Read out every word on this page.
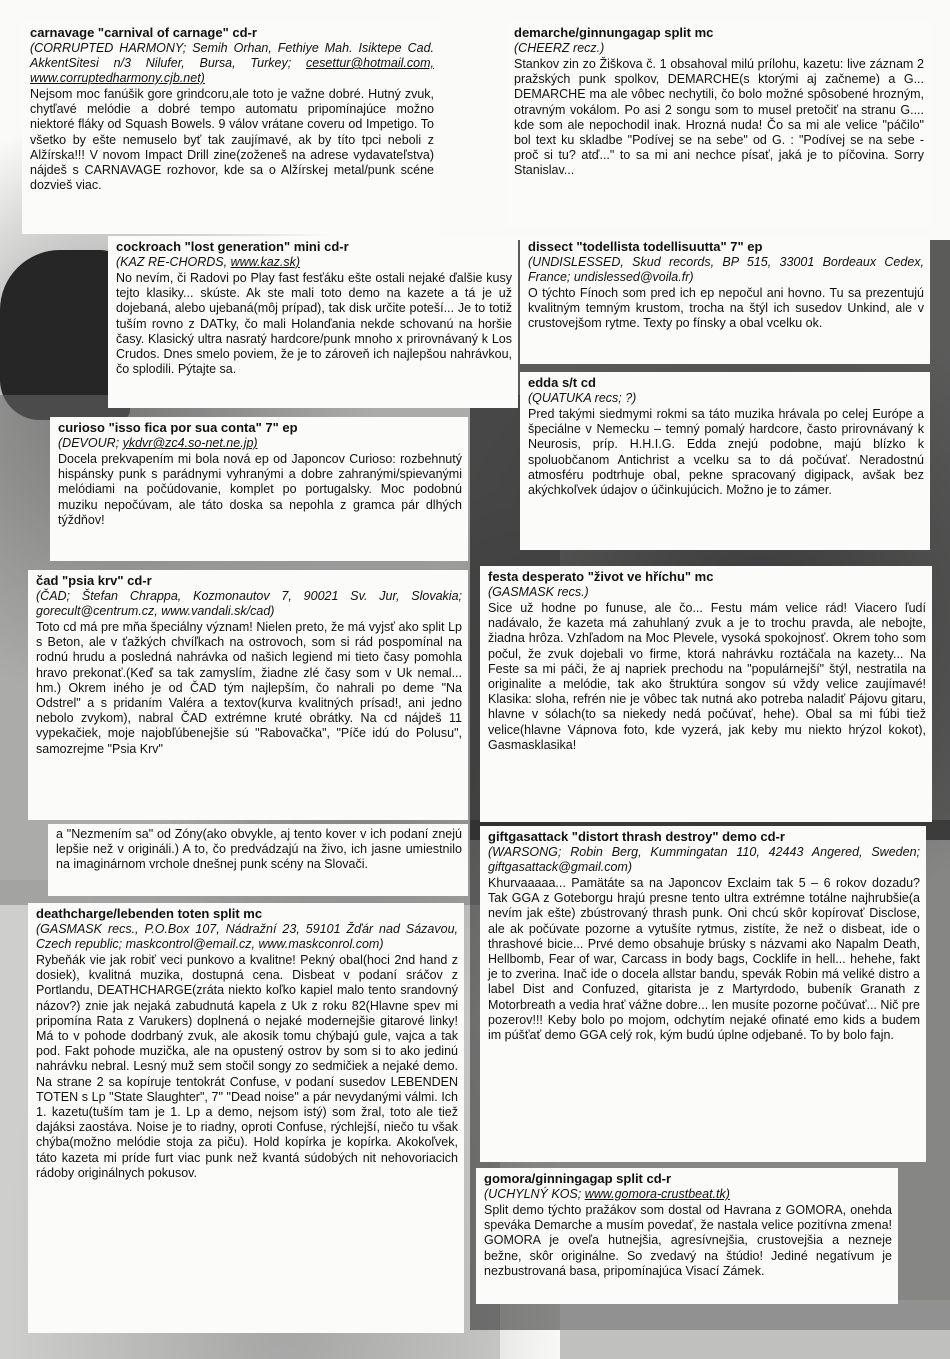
carnavage "carnival of carnage" cd-r
(CORRUPTED HARMONY; Semih Orhan, Fethiye Mah. Isiktepe Cad. AkkentSitesi n/3 Nilufer, Bursa, Turkey; cesettur@hotmail.com, www.corruptedharmony.cjb.net)
Nejsom moc fanúšik gore grindcoru,ale toto je važne dobré. Hutný zvuk, chytľavé melódie a dobré tempo automatu pripomínajúce možno niektoré fláky od Squash Bowels. 9 válov vrátane coveru od Impetigo. To všetko by ešte nemuselo byť tak zaujímavé, ak by títo tpci neboli z Alžírska!!! V novom Impact Drill zine(zoženeš na adrese vydavateľstva) nájdeš s CARNAVAGE rozhovor, kde sa o Alžírskej metal/punk scéne dozvieš viac.
cockroach "lost generation" mini cd-r
(KAZ RE-CHORDS, www.kaz.sk)
No nevím, či Radovi po Play fast fesťáku ešte ostali nejaké ďalšie kusy tejto klasiky... skúste. Ak ste mali toto demo na kazete a tá je už dojebaná, alebo ujebaná(môj prípad), tak disk určite poteší... Je to totiž tuším rovno z DATky, čo mali Holanďania nekde schovanú na horšie časy. Klasický ultra nasratý hardcore/punk mnoho x prirovnávaný k Los Crudos. Dnes smelo poviem, že je to zároveň ich najlepšou nahrávkou, čo splodili. Pýtajte sa.
curioso "isso fica por sua conta" 7" ep
(DEVOUR; ykdvr@zc4.so-net.ne.jp)
Docela prekvapením mi bola nová ep od Japoncov Curioso: rozbehnutý hispánsky punk s parádnymi vyhranými a dobre zahranými/spievanými melódiami na počúdovanie, komplet po portugalsky. Moc podobnú muziku nepočúvam, ale táto doska sa nepohla z gramca pár dlhých týždňov!
čad "psia krv" cd-r
(ČAD; Štefan Chrappa, Kozmonautov 7, 90021 Sv. Jur, Slovakia; gorecult@centrum.cz, www.vandali.sk/cad)
Toto cd má pre mňa špeciálny význam! Nielen preto, že má vyjsť ako split Lp s Beton, ale v ťažkých chvíľkach na ostrovoch, som si rád pospomínal na rodnú hrudu a posledná nahrávka od našich legiend mi tieto časy pomohla hravo prekonať.(Keď sa tak zamyslím, žiadne zlé časy som v Uk nemal... hm.) Okrem iného je od ČAD tým najlepším, čo nahrali po deme "Na Odstrel" a s pridaním Valéra a textov(kurva kvalitných prísad!, ani jedno nebolo zvykom), nabral ČAD extrémne kruté obrátky. Na cd nájdeš 11 vypekačiek, moje najobľúbenejšie sú "Rabovačka", "Píče idú do Polusu", samozrejme "Psia Krv"
a "Nezmením sa" od Zóny(ako obvykle, aj tento kover v ich podaní znejú lepšie než v origináli.) A to, čo predvádzajú na živo, ich jasne umiestnilo na imaginárnom vrchole dnešnej punk scény na Slovači.
deathcharge/lebenden toten split mc
(GASMASK recs., P.O.Box 107, Nádražní 23, 59101 Žďár nad Sázavou, Czech republic; maskcontrol@email.cz, www.maskconrol.com)
Rybeňák vie jak robiť veci punkovo a kvalitne! Pekný obal(hoci 2nd hand z dosiek), kvalitná muzika, dostupná cena. Disbeat v podaní sráčov z Portlandu, DEATHCHARGE(zráta niekto koľko kapiel malo tento srandovný názov?) znie jak nejaká zabudnutá kapela z Uk z roku 82(Hlavne spev mi pripomína Rata z Varukers) doplnená o nejaké modernejšie gitarové linky! Má to v pohode dodrbaný zvuk, ale akosik tomu chýbajú gule, vajca a tak pod. Fakt pohode muzička, ale na opustený ostrov by som si to ako jedinú nahrávku nebral. Lesný muž sem stočil songy zo sedmičiek a nejaké demo. Na strane 2 sa kopíruje tentokrát Confuse, v podaní susedov LEBENDEN TOTEN s Lp "State Slaughter", 7" "Dead noise" a pár nevydanými válmi. Ich 1. kazetu(tuším tam je 1. Lp a demo, nejsom istý) som žral, toto ale tiež dajáksi zaostáva. Noise je to riadny, oproti Confuse, rýchlejší, niečo tu však chýba(možno melódie stoja za piču). Hold kopírka je kopírka. Akokoľvek, táto kazeta mi príde furt viac punk než kvantá súdobých nit nehovoriacich rádoby originálnych pokusov.
demarche/ginnungagap split mc
(CHEERZ recz.)
Stankov zin zo Žiškova č. 1 obsahoval milú prílohu, kazetu: live záznam 2 pražských punk spolkov, DEMARCHE(s ktorými aj začneme) a G... DEMARCHE ma ale vôbec nechytili, čo bolo možné spôsobené hrozným, otravným vokálom. Po asi 2 songu som to musel pretočiť na stranu G.... kde som ale nepochodil inak. Hrozná nuda! Čo sa mi ale velice "páčilo" bol text ku skladbe "Podívej se na sebe" od G. : "Podívej se na sebe - proč si tu? atď..." to sa mi ani nechce písať, jaká je to píčovina. Sorry Stanislav...
dissect "todellista todellisuutta" 7" ep
(UNDISLESSED, Skud records, BP 515, 33001 Bordeaux Cedex, France; undislessed@voila.fr)
O týchto Fínoch som pred ich ep nepočul ani hovno. Tu sa prezentujú kvalitným temným krustom, trocha na štýl ich susedov Unkind, ale v crustovejšom rytme. Texty po fínsky a obal vcelku ok.
edda s/t cd
(QUATUKA recs; ?)
Pred takými siedmymi rokmi sa táto muzika hrávala po celej Európe a špeciálne v Nemecku – temný pomalý hardcore, často prirovnávaný k Neurosis, príp. H.H.I.G. Edda znejú podobne, majú blízko k spoluobčanom Antichrist a vcelku sa to dá počúvať. Neradostnú atmosféru podtrhuje obal, pekne spracovaný digipack, avšak bez akýchkoľvek údajov o účinkujúcich. Možno je to zámer.
festa desperato "život ve hříchu" mc
(GASMASK recs.)
Sice už hodne po funuse, ale čo... Festu mám velice rád! Viacero ľudí nadávalo, že kazeta má zahuhlaný zvuk a je to trochu pravda, ale nebojte, žiadna hrôza. Vzhľadom na Moc Plevele, vysoká spokojnosť. Okrem toho som počul, že zvuk dojebali vo firme, ktorá nahrávku roztáčala na kazety... Na Feste sa mi páči, že aj napriek prechodu na "populárnejší" štýl, nestratila na originalite a melódie, tak ako štruktúra songov sú vždy velice zaujímavé! Klasika: sloha, refrén nie je vôbec tak nutná ako potreba naladiť Pájovu gitaru, hlavne v sólach(to sa niekedy nedá počúvať, hehe). Obal sa mi fúbi tiež velice(hlavne Vápnova foto, kde vyzerá, jak keby mu niekto hrýzol kokot), Gasmasklasika!
giftgasattack "distort thrash destroy" demo cd-r
(WARSONG; Robin Berg, Kummingatan 110, 42443 Angered, Sweden; giftgasattack@gmail.com)
Khurvaaaaa... Pamätáte sa na Japoncov Exclaim tak 5 – 6 rokov dozadu? Tak GGA z Goteborgu hrajú presne tento ultra extrémne totálne najhrubšie(a nevím jak ešte) zbústrovaný thrash punk. Oni chcú skôr kopírovať Disclose, ale ak počúvate pozorne a vytušíte rytmus, zistíte, že než o disbeat, ide o thrashové bicie... Prvé demo obsahuje brúsky s názvami ako Napalm Death, Hellbomb, Fear of war, Carcass in body bags, Cocklife in hell... hehehe, fakt je to zverina. Inač ide o docela allstar bandu, spevák Robin má veliké distro a label Dist and Confuzed, gitarista je z Martyrdodo, bubeník Granath z Motorbreath a vedia hrať vážne dobre... len musíte pozorne počúvať... Nič pre pozerov!!! Keby bolo po mojom, odchytím nejaké ofinaté emo kids a budem im púšťať demo GGA celý rok, kým budú úplne odjebané. To by bolo fajn.
gomora/ginningagap split cd-r
(UCHYLNÝ KOS; www.gomora-crustbeat.tk)
Split demo týchto pražákov som dostal od Havrana z GOMORA, onehda speváka Demarche a musím povedať, že nastala velice pozitívna zmena! GOMORA je oveľa hutnejšia, agresívnejšia, crustovejšia a nezneje bežne, skôr originálne. So zvedavý na štúdio! Jediné negatívum je nezbustrovaná basa, pripomínajúca Visací Zámek.
